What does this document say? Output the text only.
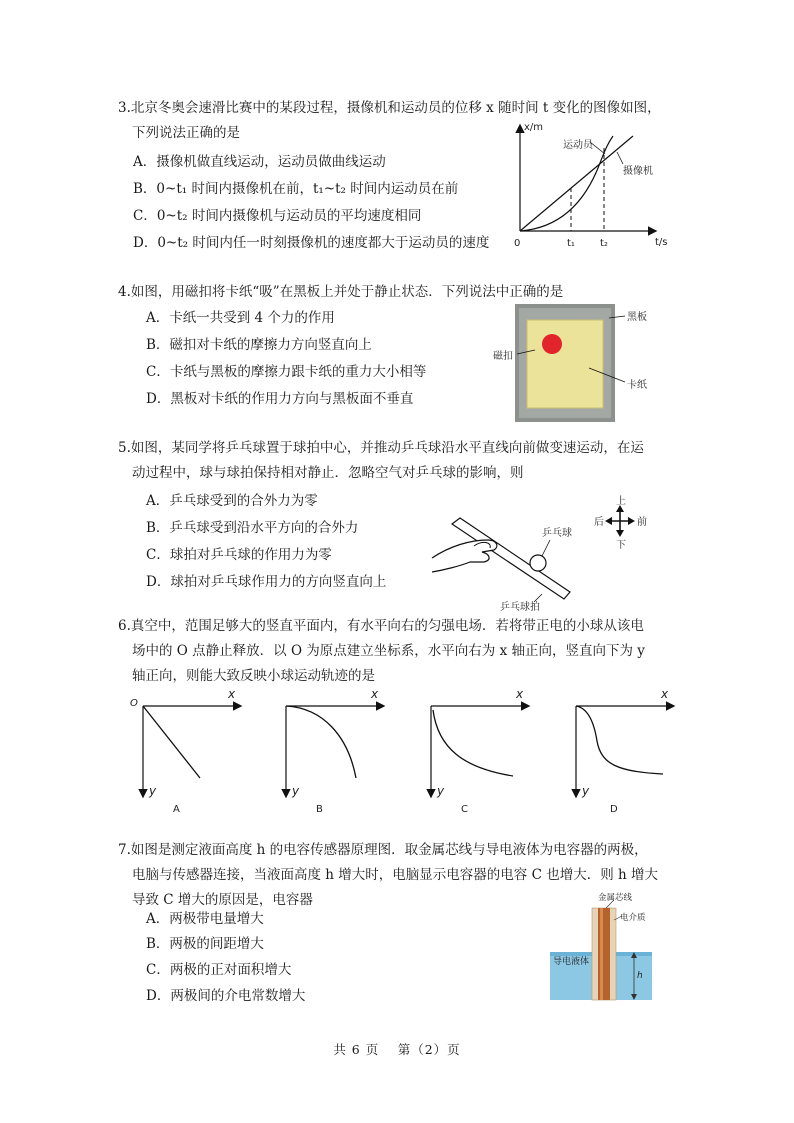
3.北京冬奥会速滑比赛中的某段过程，摄像机和运动员的位移 x 随时间 t 变化的图像如图，

下列说法正确的是

A．摄像机做直线运动，运动员做曲线运动
B．0~t₁ 时间内摄像机在前，t₁~t₂ 时间内运动员在前
C．0~t₂ 时间内摄像机与运动员的平均速度相同
D．0~t₂ 时间内任一时刻摄像机的速度都大于运动员的速度
x/m
t/s
0	t₁	t₂
运动员
摄像机

4.如图，用磁扣将卡纸“吸”在黑板上并处于静止状态．下列说法中正确的是

A．卡纸一共受到 4 个力的作用
B．磁扣对卡纸的摩擦力方向竖直向上
C．卡纸与黑板的摩擦力跟卡纸的重力大小相等
D．黑板对卡纸的作用力方向与黑板面不垂直
黑板
磁扣
卡纸

5.如图，某同学将乒乓球置于球拍中心，并推动乒乓球沿水平直线向前做变速运动，在运

动过程中，球与球拍保持相对静止．忽略空气对乒乓球的影响，则

A．乒乓球受到的合外力为零
B．乒乓球受到沿水平方向的合外力
C．球拍对乒乓球的作用力为零
D．球拍对乒乓球作用力的方向竖直向上
上
下
后	前
乒乓球
乒乓球拍

6.真空中，范围足够大的竖直平面内，有水平向右的匀强电场．若将带正电的小球从该电

场中的 O 点静止释放．以 O 为原点建立坐标系，水平向右为 x 轴正向，竖直向下为 y

轴正向，则能大致反映小球运动轨迹的是

O
x
y
A
x
y
B
x
y
C
x
y
D

7.如图是测定液面高度 h 的电容传感器原理图．取金属芯线与导电液体为电容器的两极，

电脑与传感器连接，当液面高度 h 增大时，电脑显示电容器的电容 C 也增大．则 h 增大

导致 C 增大的原因是，电容器

A．两极带电量增大
B．两极的间距增大
C．两极的正对面积增大
D．两极间的介电常数增大
h
金属芯线
电介质
导电液体
共 6 页　 第（2）页
